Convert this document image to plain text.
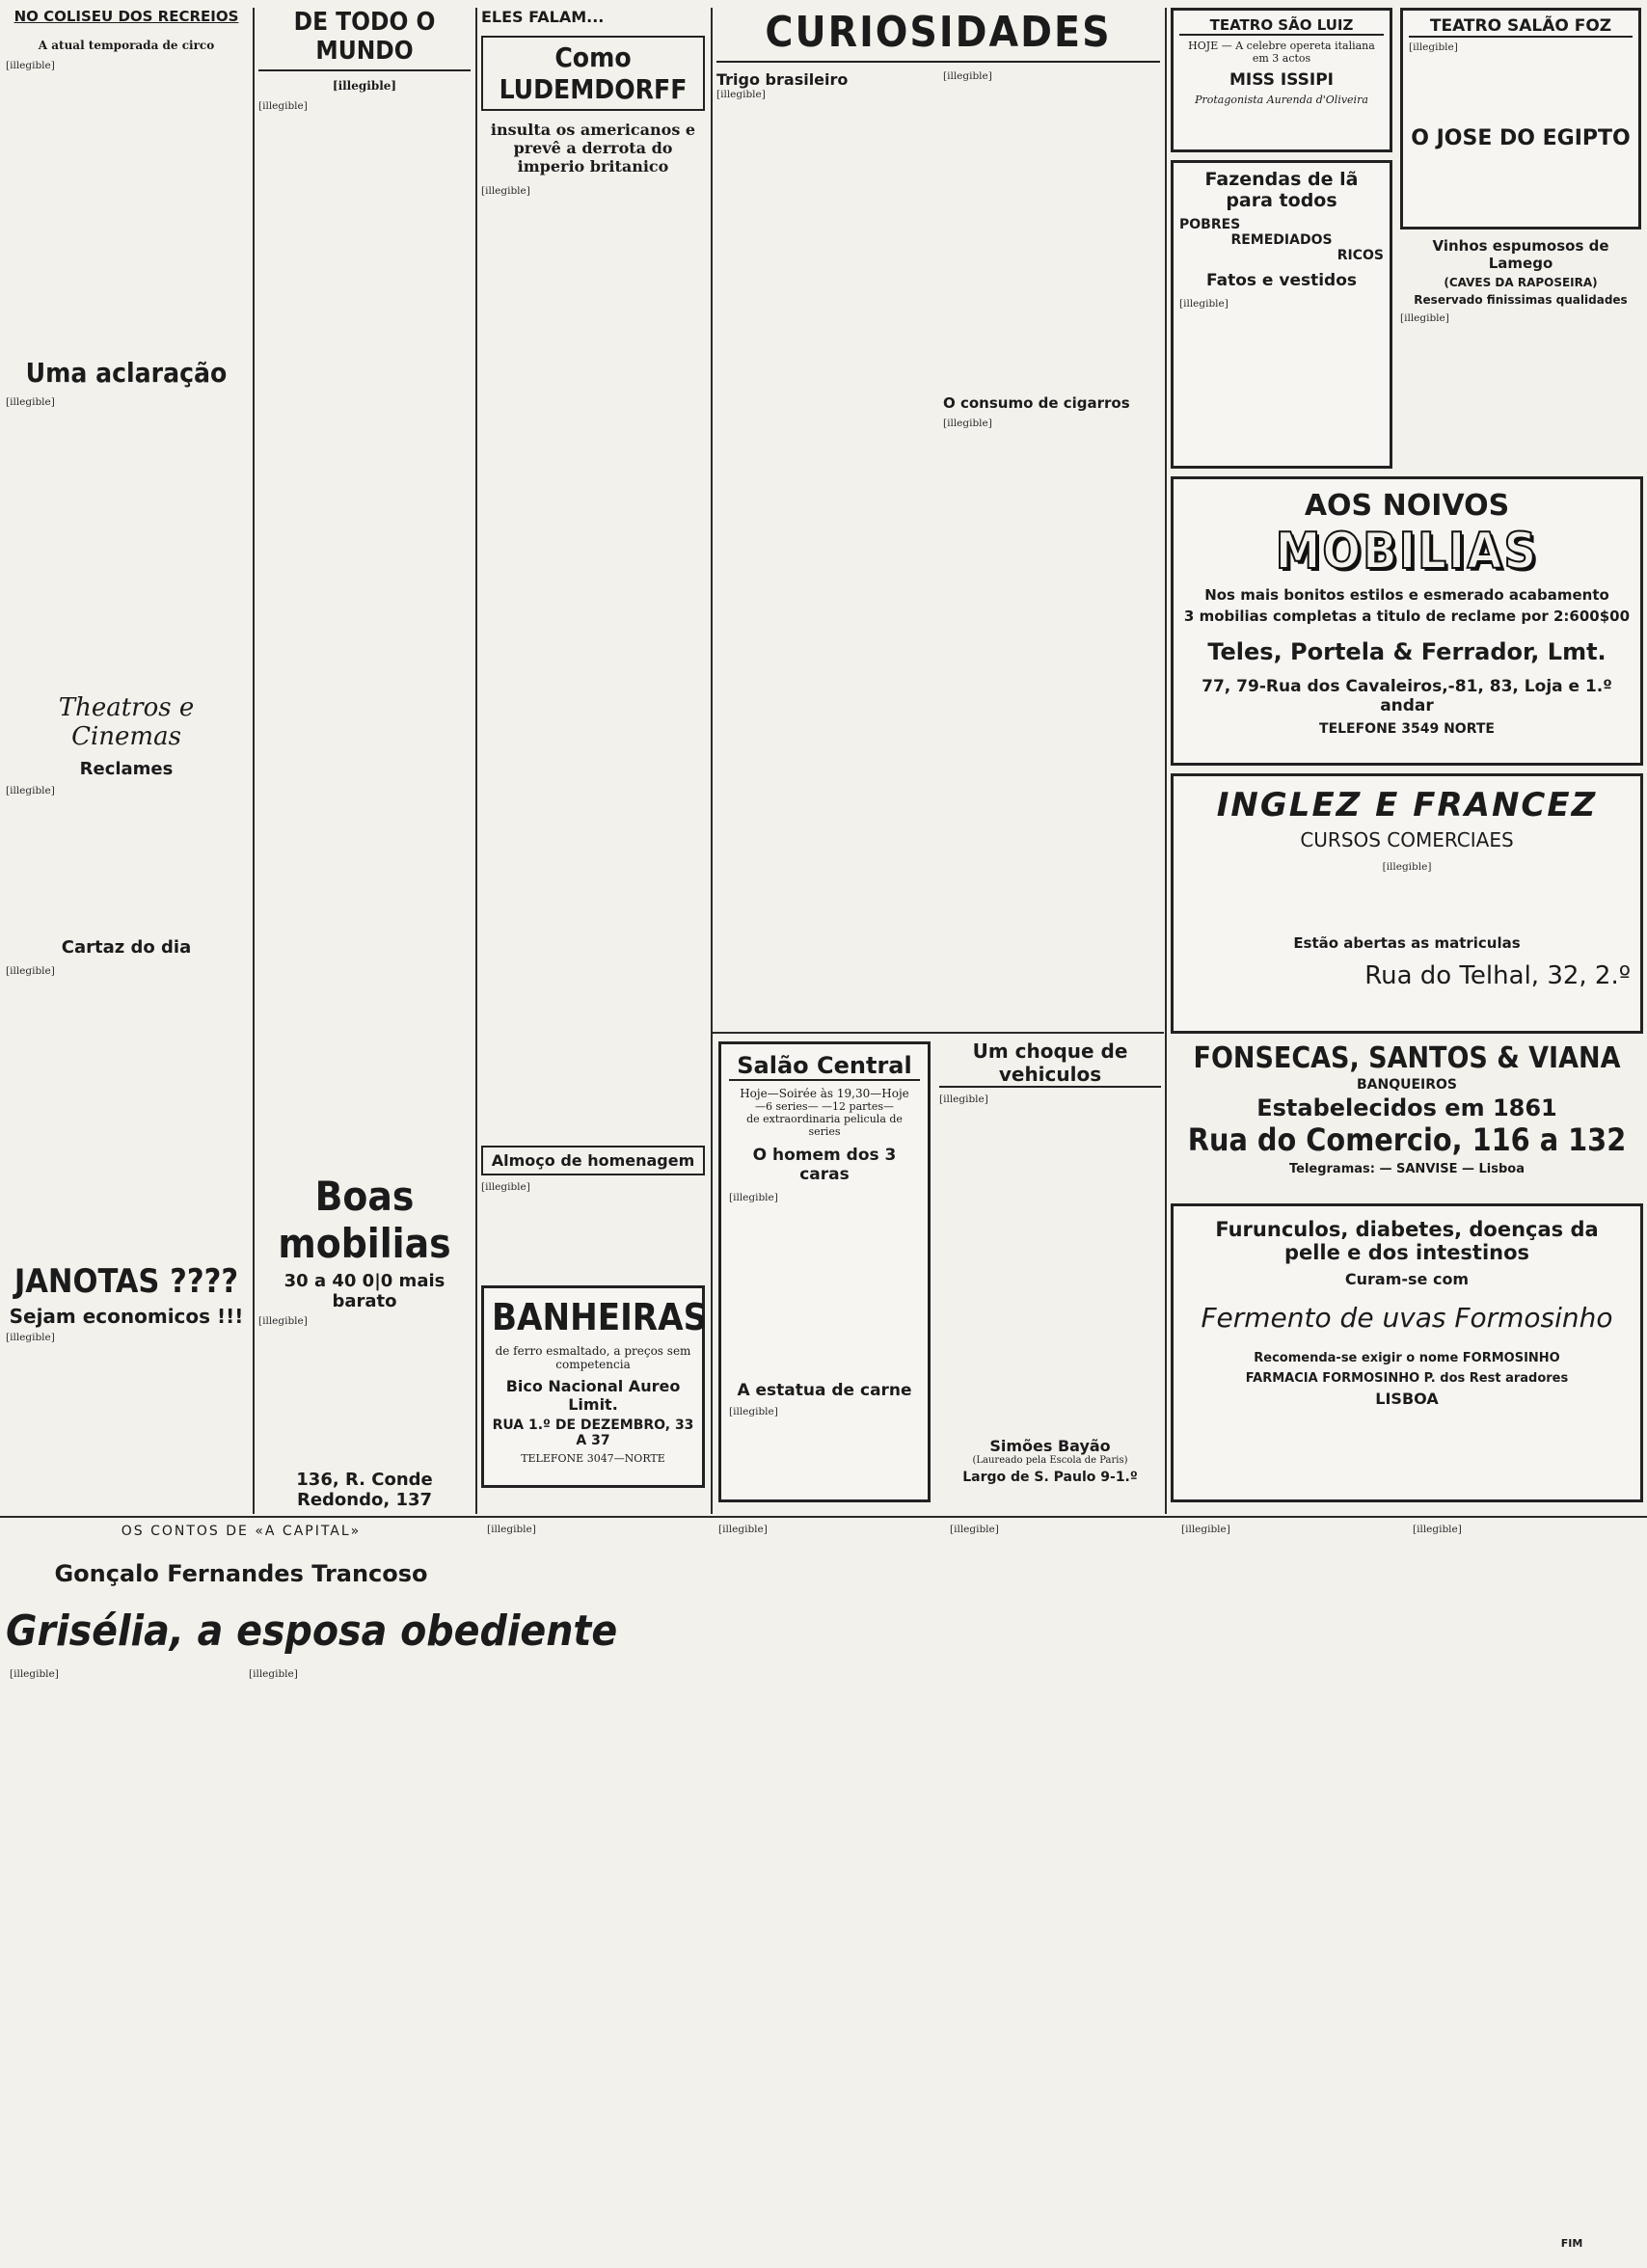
NO COLISEU DOS RECREIOS
A atual temporada de circo
[illegible]
Uma aclaração
[illegible]
Theatros e Cinemas
Reclames
[illegible]
Cartaz do dia
[illegible]
JANOTAS ????
Sejam economicos !!!
[illegible]
DE TODO O MUNDO
[illegible]
[illegible]
Boas mobilias
30 a 40 0|0 mais barato
[illegible]
136, R. Conde Redondo, 137
ELES FALAM...
Como LUDEMDORFF
insulta os americanos e prevê a derrota do imperio britanico
[illegible]
Almoço de homenagem
[illegible]
BANHEIRAS
de ferro esmaltado, a preços sem competencia
Bico Nacional Aureo Limit.
RUA 1.º DE DEZEMBRO, 33 A 37
TELEFONE 3047—NORTE
CURIOSIDADES
Trigo brasileiro
[illegible]
[illegible]
O consumo de cigarros
[illegible]
Salão Central
Hoje—Soirée às 19,30—Hoje
—6 series— —12 partes—
de extraordinaria pelicula de series
O homem dos 3 caras
[illegible]
A estatua de carne
[illegible]
Um choque de vehiculos
[illegible]
Simões Bayão
(Laureado pela Escola de Paris)
Largo de S. Paulo 9-1.º
TEATRO SÃO LUIZ
HOJE — A celebre opereta italiana em 3 actos
MISS ISSIPI
Protagonista Aurenda d'Oliveira
TEATRO SALÃO FOZ
[illegible]
O JOSE DO EGIPTO
Fazendas de lã para todos
POBRES
REMEDIADOS
RICOS
Fatos e vestidos
[illegible]
Vinhos espumosos de Lamego
(CAVES DA RAPOSEIRA)
Reservado finissimas qualidades
[illegible]
AOS NOIVOS
MOBILIAS
Nos mais bonitos estilos e esmerado acabamento
3 mobilias completas a titulo de reclame por 2:600$00
Teles, Portela & Ferrador, Lmt.
77, 79-Rua dos Cavaleiros,-81, 83, Loja e 1.º andar
TELEFONE 3549 NORTE
INGLEZ E FRANCEZ
CURSOS COMERCIAES
[illegible]
Estão abertas as matriculas
Rua do Telhal, 32, 2.º
FONSECAS, SANTOS & VIANA
BANQUEIROS
Estabelecidos em 1861
Rua do Comercio, 116 a 132
Telegramas: — SANVISE — Lisboa
Furunculos, diabetes, doenças da pelle e dos intestinos
Curam-se com
Fermento de uvas Formosinho
Recomenda-se exigir o nome FORMOSINHO
FARMACIA FORMOSINHO P. dos Rest aradores
LISBOA
OS CONTOS DE «A CAPITAL»
Gonçalo Fernandes Trancoso
Grisélia, a esposa obediente
[illegible]	[illegible]
[illegible]	[illegible]	[illegible]	[illegible]	[illegible]
FIM
